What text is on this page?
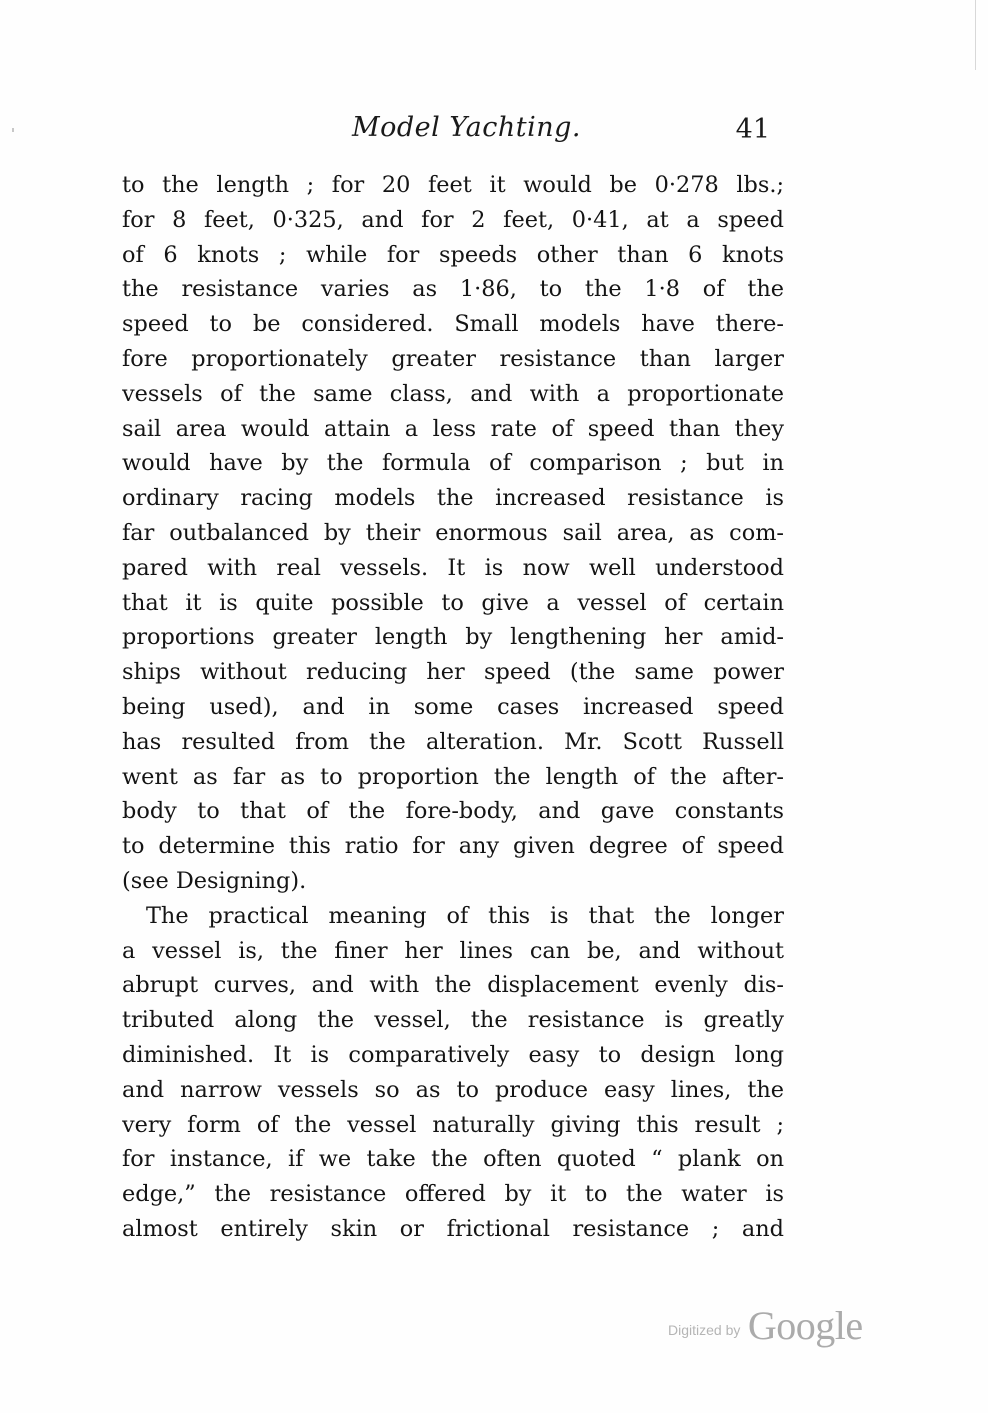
Model Yachting.	41
to the length ; for 20 feet it would be 0·278 lbs.;
for 8 feet, 0·325, and for 2 feet, 0·41, at a speed
of 6 knots ; while for speeds other than 6 knots
the resistance varies as 1·86, to the 1·8 of the
speed to be considered. Small models have there-
fore proportionately greater resistance than larger
vessels of the same class, and with a proportionate
sail area would attain a less rate of speed than they
would have by the formula of comparison ; but in
ordinary racing models the increased resistance is
far outbalanced by their enormous sail area, as com-
pared with real vessels. It is now well understood
that it is quite possible to give a vessel of certain
proportions greater length by lengthening her amid-
ships without reducing her speed (the same power
being used), and in some cases increased speed
has resulted from the alteration. Mr. Scott Russell
went as far as to proportion the length of the after-
body to that of the fore-body, and gave constants
to determine this ratio for any given degree of speed
(see Designing).
The practical meaning of this is that the longer
a vessel is, the finer her lines can be, and without
abrupt curves, and with the displacement evenly dis-
tributed along the vessel, the resistance is greatly
diminished. It is comparatively easy to design long
and narrow vessels so as to produce easy lines, the
very form of the vessel naturally giving this result ;
for instance, if we take the often quoted “ plank on
edge,” the resistance offered by it to the water is
almost entirely skin or frictional resistance ; and
Digitized by Google
